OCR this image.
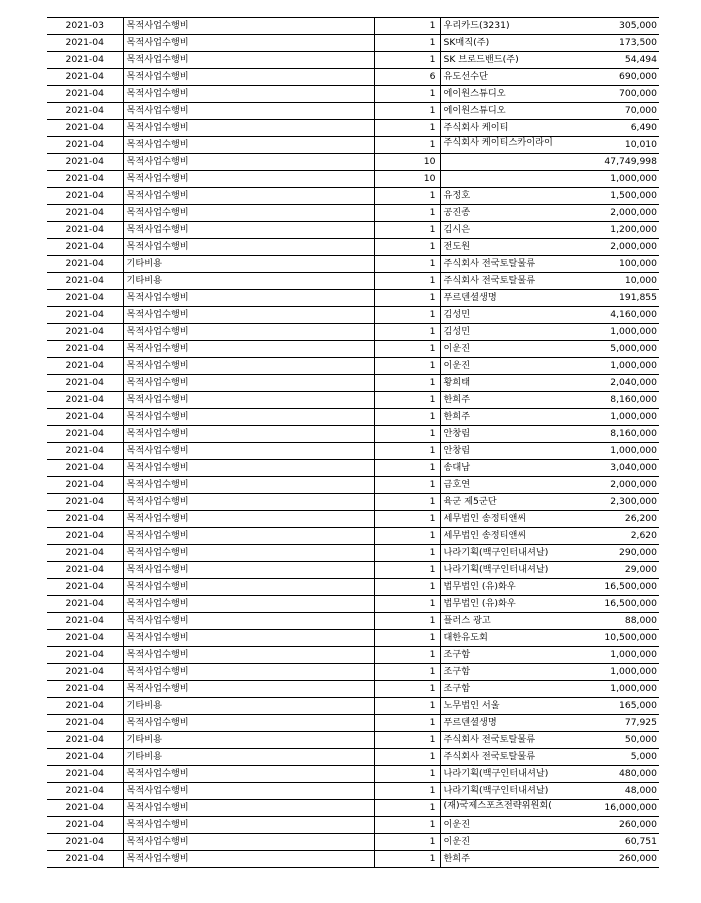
2021-03	목적사업수행비	1	우리카드(3231)	305,000
2021-04	목적사업수행비	1	SK매직(주)	173,500
2021-04	목적사업수행비	1	SK 브로드밴드(주)	54,494
2021-04	목적사업수행비	6	유도선수단	690,000
2021-04	목적사업수행비	1	에이원스튜디오	700,000
2021-04	목적사업수행비	1	에이원스튜디오	70,000
2021-04	목적사업수행비	1	주식회사 케이티	6,490
2021-04	목적사업수행비	1	주식회사 케이티스카이라이	10,010
2021-04	목적사업수행비	10		47,749,998
2021-04	목적사업수행비	10		1,000,000
2021-04	목적사업수행비	1	유정호	1,500,000
2021-04	목적사업수행비	1	공진종	2,000,000
2021-04	목적사업수행비	1	김시은	1,200,000
2021-04	목적사업수행비	1	전도원	2,000,000
2021-04	기타비용	1	주식회사 전국토탈물류	100,000
2021-04	기타비용	1	주식회사 전국토탈물류	10,000
2021-04	목적사업수행비	1	푸르덴셜생명	191,855
2021-04	목적사업수행비	1	김성민	4,160,000
2021-04	목적사업수행비	1	김성민	1,000,000
2021-04	목적사업수행비	1	이운진	5,000,000
2021-04	목적사업수행비	1	이운진	1,000,000
2021-04	목적사업수행비	1	황희태	2,040,000
2021-04	목적사업수행비	1	한희주	8,160,000
2021-04	목적사업수행비	1	한희주	1,000,000
2021-04	목적사업수행비	1	안창림	8,160,000
2021-04	목적사업수행비	1	안창림	1,000,000
2021-04	목적사업수행비	1	송대남	3,040,000
2021-04	목적사업수행비	1	금호연	2,000,000
2021-04	목적사업수행비	1	육군 제5군단	2,300,000
2021-04	목적사업수행비	1	세무법인 송정티앤씨	26,200
2021-04	목적사업수행비	1	세무법인 송정티앤씨	2,620
2021-04	목적사업수행비	1	나라기획(백구인터내셔날)	290,000
2021-04	목적사업수행비	1	나라기획(백구인터내셔날)	29,000
2021-04	목적사업수행비	1	법무법인 (유)화우	16,500,000
2021-04	목적사업수행비	1	법무법인 (유)화우	16,500,000
2021-04	목적사업수행비	1	플러스 광고	88,000
2021-04	목적사업수행비	1	대한유도회	10,500,000
2021-04	목적사업수행비	1	조구함	1,000,000
2021-04	목적사업수행비	1	조구함	1,000,000
2021-04	목적사업수행비	1	조구함	1,000,000
2021-04	기타비용	1	노무법인 서울	165,000
2021-04	목적사업수행비	1	푸르덴셜생명	77,925
2021-04	기타비용	1	주식회사 전국토탈물류	50,000
2021-04	기타비용	1	주식회사 전국토탈물류	5,000
2021-04	목적사업수행비	1	나라기획(백구인터내셔날)	480,000
2021-04	목적사업수행비	1	나라기획(백구인터내셔날)	48,000
2021-04	목적사업수행비	1	(재)국제스포츠전략위원회(	16,000,000
2021-04	목적사업수행비	1	이운진	260,000
2021-04	목적사업수행비	1	이운진	60,751
2021-04	목적사업수행비	1	한희주	260,000
